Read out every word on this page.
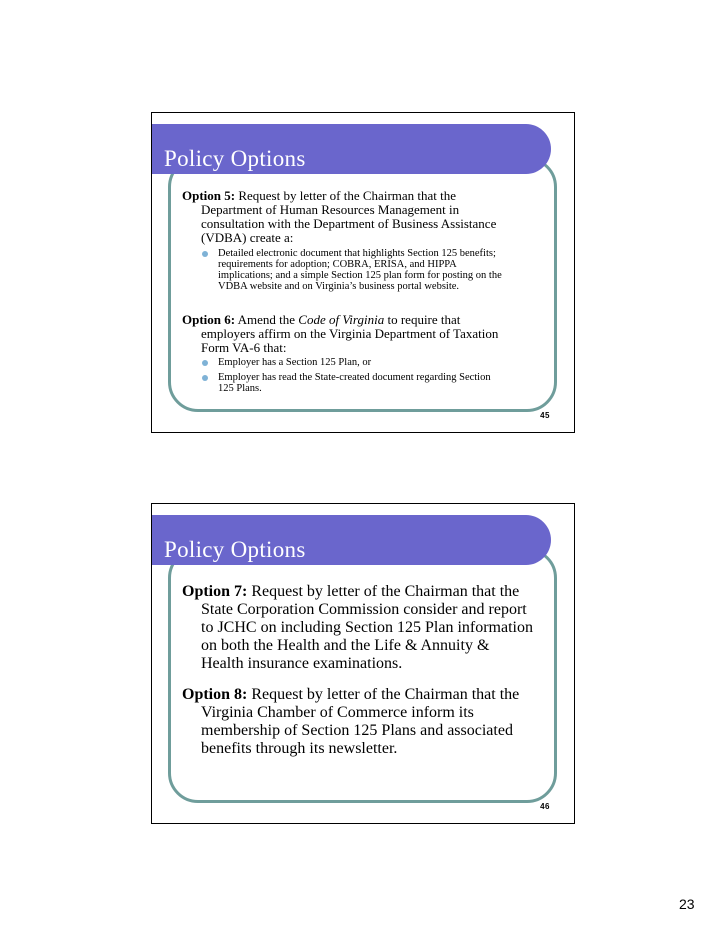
Policy Options
Option 5: Request by letter of the Chairman that the
Department of Human Resources Management in
consultation with the Department of Business Assistance
(VDBA) create a:
Detailed electronic document that highlights Section 125 benefits;
requirements for adoption; COBRA, ERISA, and HIPPA
implications; and a simple Section 125 plan form for posting on the
VDBA website and on Virginia’s business portal website.
Option 6: Amend the Code of Virginia to require that
employers affirm on the Virginia Department of Taxation
Form VA-6 that:
Employer has a Section 125 Plan, or
Employer has read the State-created document regarding Section
125 Plans.
45
Policy Options
Option 7: Request by letter of the Chairman that the
State Corporation Commission consider and report
to JCHC on including Section 125 Plan information
on both the Health and the Life & Annuity &
Health insurance examinations.
Option 8: Request by letter of the Chairman that the
Virginia Chamber of Commerce inform its
membership of Section 125 Plans and associated
benefits through its newsletter.
46
23
